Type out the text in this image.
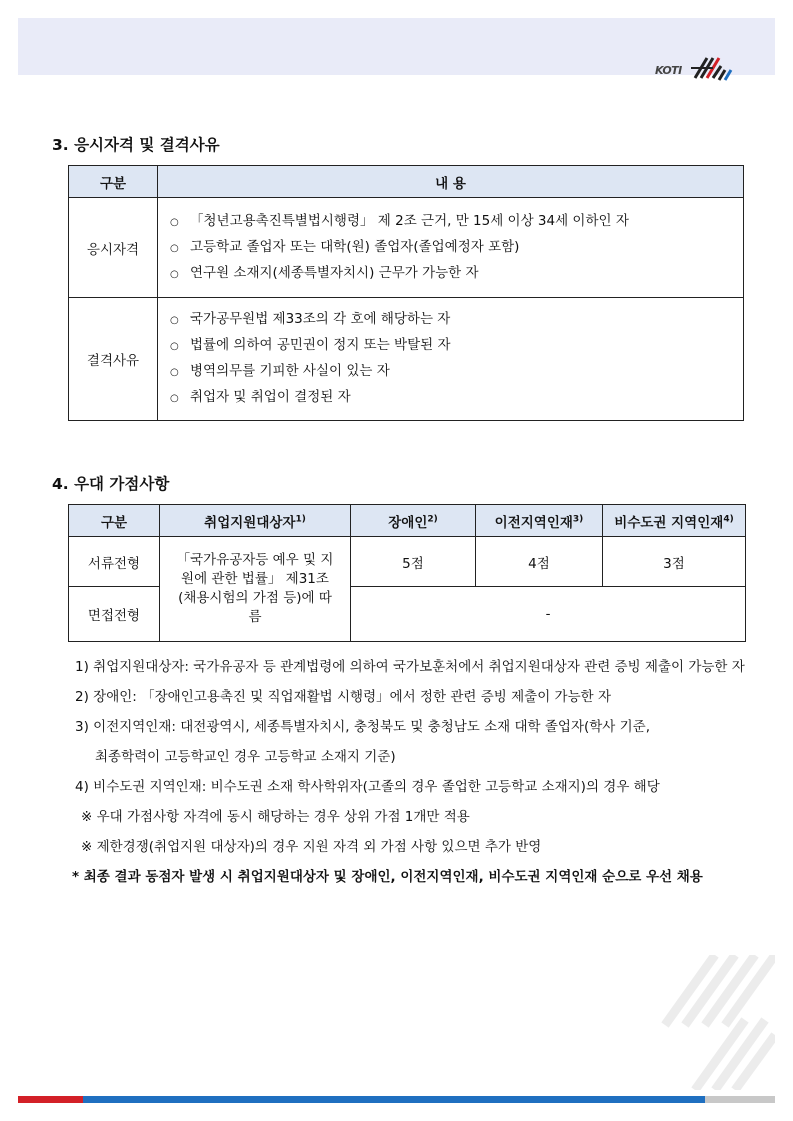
KOTI
3. 응시자격 및 결격사유
구분	내 용
응시자격	○ 「청년고용촉진특별법시행령」 제 2조 근거, 만 15세 이상 34세 이하인 자
○ 고등학교 졸업자 또는 대학(원) 졸업자(졸업예정자 포함)
○ 연구원 소재지(세종특별자치시) 근무가 가능한 자

결격사유	○ 국가공무원법 제33조의 각 호에 해당하는 자
○ 법률에 의하여 공민권이 정지 또는 박탈된 자
○ 병역의무를 기피한 사실이 있는 자
○ 취업자 및 취업이 결정된 자
4. 우대 가점사항
구분	취업지원대상자$^{1)}$	장애인$^{2)}$	이전지역인재$^{3)}$	비수도권 지역인재$^{4)}$
서류전형	「국가유공자등 예우 및 지원에 관한 법률」 제31조(채용시험의 가점 등)에 따름	5점	4점	3점
면접전형		-		
1) 취업지원대상자: 국가유공자 등 관계법령에 의하여 국가보훈처에서 취업지원대상자 관련 증빙 제출이 가능한 자
2) 장애인: 「장애인고용촉진 및 직업재활법 시행령」에서 정한 관련 증빙 제출이 가능한 자
3) 이전지역인재: 대전광역시, 세종특별자치시, 충청북도 및 충청남도 소재 대학 졸업자(학사 기준,
최종학력이 고등학교인 경우 고등학교 소재지 기준)
4) 비수도권 지역인재: 비수도권 소재 학사학위자(고졸의 경우 졸업한 고등학교 소재지)의 경우 해당
※ 우대 가점사항 자격에 동시 해당하는 경우 상위 가점 1개만 적용
※ 제한경쟁(취업지원 대상자)의 경우 지원 자격 외 가점 사항 있으면 추가 반영
* 최종 결과 동점자 발생 시 취업지원대상자 및 장애인, 이전지역인재, 비수도권 지역인재 순으로 우선 채용
